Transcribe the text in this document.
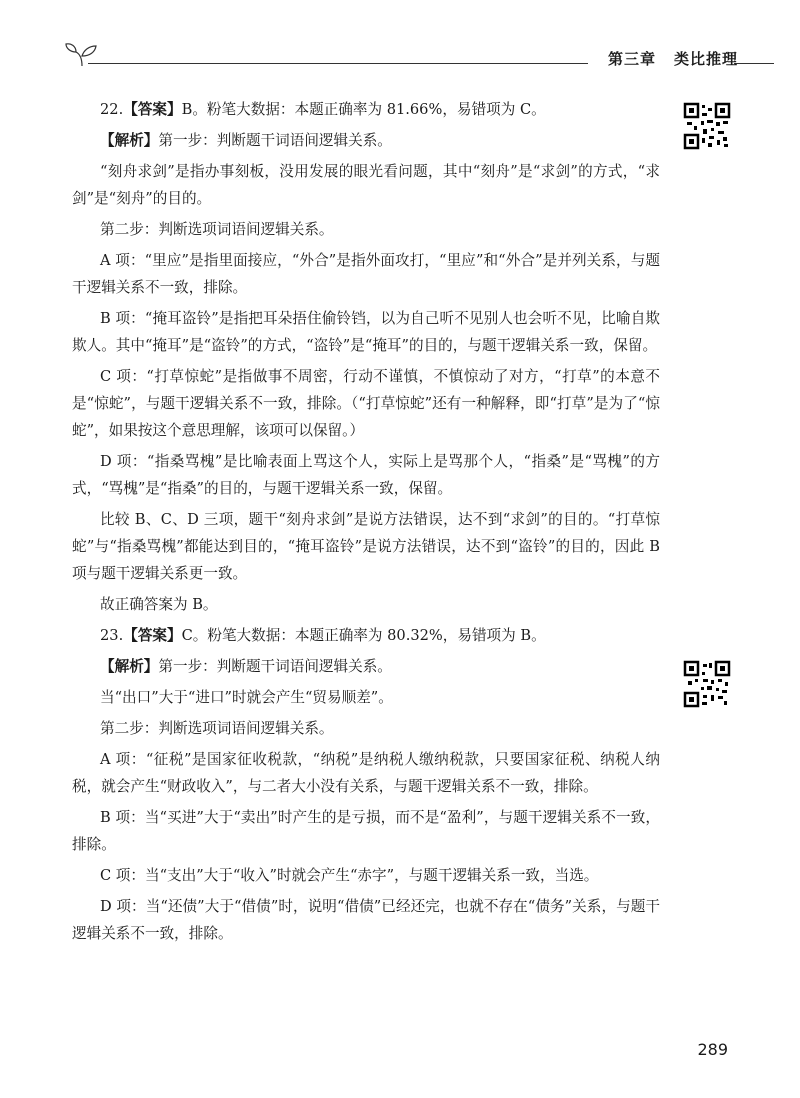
第三章 类比推理

22.【答案】B。粉笔大数据：本题正确率为 81.66%，易错项为 C。

【解析】第一步：判断题干词语间逻辑关系。

“刻舟求剑”是指办事刻板，没用发展的眼光看问题，其中“刻舟”是“求剑”的方式，“求剑”是“刻舟”的目的。

第二步：判断选项词语间逻辑关系。

A 项：“里应”是指里面接应，“外合”是指外面攻打，“里应”和“外合”是并列关系，与题干逻辑关系不一致，排除。

B 项：“掩耳盗铃”是指把耳朵捂住偷铃铛，以为自己听不见别人也会听不见，比喻自欺欺人。其中“掩耳”是“盗铃”的方式，“盗铃”是“掩耳”的目的，与题干逻辑关系一致，保留。

C 项：“打草惊蛇”是指做事不周密，行动不谨慎，不慎惊动了对方，“打草”的本意不是“惊蛇”，与题干逻辑关系不一致，排除。（“打草惊蛇”还有一种解释，即“打草”是为了“惊蛇”，如果按这个意思理解，该项可以保留。）

D 项：“指桑骂槐”是比喻表面上骂这个人，实际上是骂那个人，“指桑”是“骂槐”的方式，“骂槐”是“指桑”的目的，与题干逻辑关系一致，保留。

比较 B、C、D 三项，题干“刻舟求剑”是说方法错误，达不到“求剑”的目的。“打草惊蛇”与“指桑骂槐”都能达到目的，“掩耳盗铃”是说方法错误，达不到“盗铃”的目的，因此 B 项与题干逻辑关系更一致。

故正确答案为 B。

23.【答案】C。粉笔大数据：本题正确率为 80.32%，易错项为 B。

【解析】第一步：判断题干词语间逻辑关系。

当“出口”大于“进口”时就会产生“贸易顺差”。

第二步：判断选项词语间逻辑关系。

A 项：“征税”是国家征收税款，“纳税”是纳税人缴纳税款，只要国家征税、纳税人纳税，就会产生“财政收入”，与二者大小没有关系，与题干逻辑关系不一致，排除。

B 项：当“买进”大于“卖出”时产生的是亏损，而不是“盈利”，与题干逻辑关系不一致，排除。

C 项：当“支出”大于“收入”时就会产生“赤字”，与题干逻辑关系一致，当选。

D 项：当“还债”大于“借债”时，说明“借债”已经还完，也就不存在“债务”关系，与题干逻辑关系不一致，排除。

289
